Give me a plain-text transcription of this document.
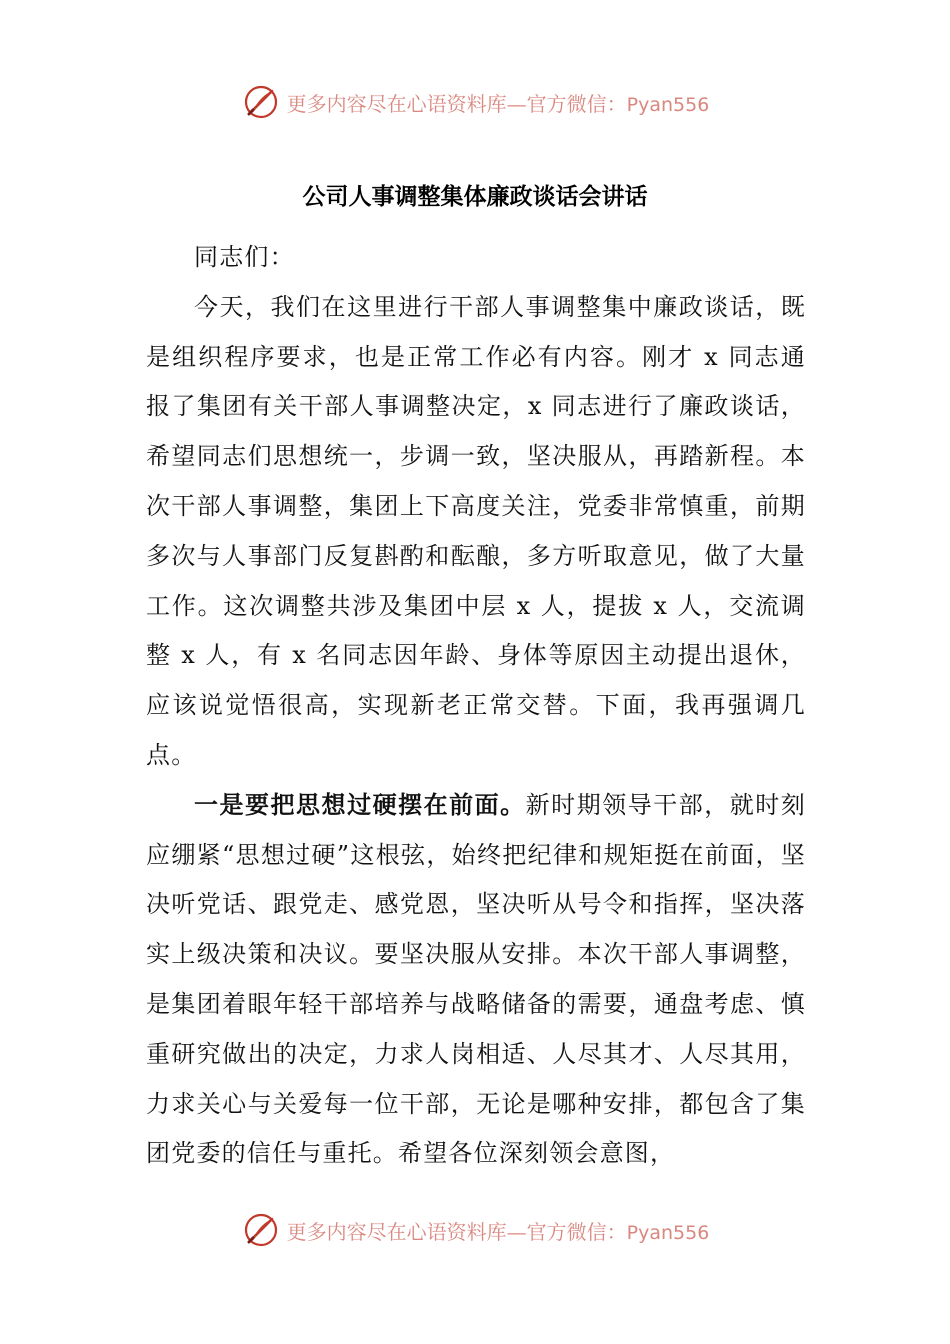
更多内容尽在心语资料库—官方微信：Pyan556
公司人事调整集体廉政谈话会讲话

同志们：

今天，我们在这里进行干部人事调整集中廉政谈话，既是组织程序要求，也是正常工作必有内容。刚才 x 同志通报了集团有关干部人事调整决定，x 同志进行了廉政谈话，希望同志们思想统一，步调一致，坚决服从，再踏新程。本次干部人事调整，集团上下高度关注，党委非常慎重，前期多次与人事部门反复斟酌和酝酿，多方听取意见，做了大量工作。这次调整共涉及集团中层 x 人，提拔 x 人，交流调整 x 人，有 x 名同志因年龄、身体等原因主动提出退休，应该说觉悟很高，实现新老正常交替。下面，我再强调几点。

一是要把思想过硬摆在前面。新时期领导干部，就时刻应绷紧“思想过硬”这根弦，始终把纪律和规矩挺在前面，坚决听党话、跟党走、感党恩，坚决听从号令和指挥，坚决落实上级决策和决议。要坚决服从安排。本次干部人事调整，是集团着眼年轻干部培养与战略储备的需要，通盘考虑、慎重研究做出的决定，力求人岗相适、人尽其才、人尽其用，力求关心与关爱每一位干部，无论是哪种安排，都包含了集团党委的信任与重托。希望各位深刻领会意图，

更多内容尽在心语资料库—官方微信：Pyan556
